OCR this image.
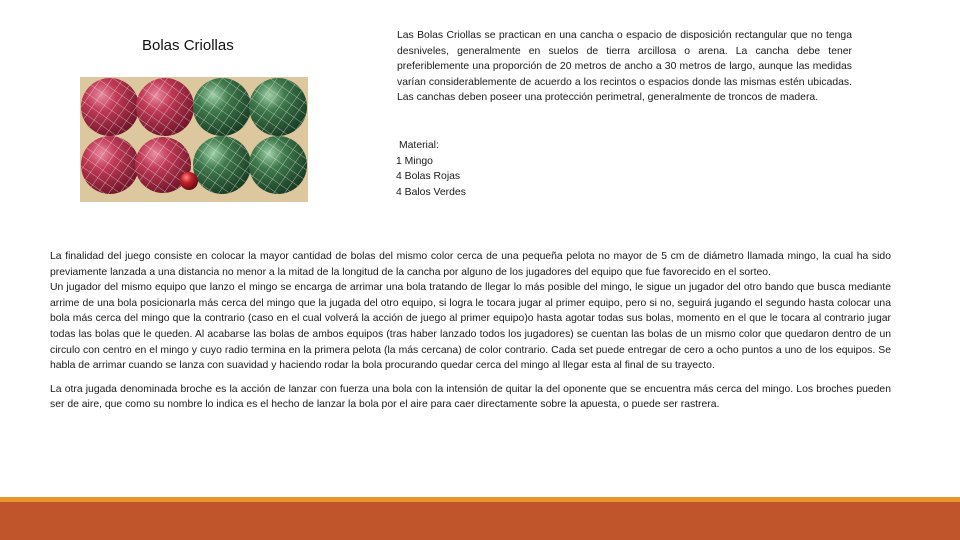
Bolas Criollas
Las Bolas Criollas se practican en una cancha o espacio de disposición rectangular que no tenga desniveles, generalmente en suelos de tierra arcillosa o arena. La cancha debe tener preferiblemente una proporción de 20 metros de ancho a 30 metros de largo, aunque las medidas varían considerablemente de acuerdo a los recintos o espacios donde las mismas estén ubicadas. Las canchas deben poseer una protección perimetral, generalmente de troncos de madera.
Material:
1 Mingo
4 Bolas Rojas
4 Balos Verdes

La finalidad del juego consiste en colocar la mayor cantidad de bolas del mismo color cerca de una pequeña pelota no mayor de 5 cm de diámetro llamada mingo, la cual ha sido previamente lanzada a una distancia no menor a la mitad de la longitud de la cancha por alguno de los jugadores del equipo que fue favorecido en el sorteo.

Un jugador del mismo equipo que lanzo el mingo se encarga de arrimar una bola tratando de llegar lo más posible del mingo, le sigue un jugador del otro bando que busca mediante arrime de una bola posicionarla más cerca del mingo que la jugada del otro equipo, si logra le tocara jugar al primer equipo, pero si no, seguirá jugando el segundo hasta colocar una bola más cerca del mingo que la contrario (caso en el cual volverá la acción de juego al primer equipo)o hasta agotar todas sus bolas, momento en el que le tocara al contrario jugar todas las bolas que le queden. Al acabarse las bolas de ambos equipos (tras haber lanzado todos los jugadores) se cuentan las bolas de un mismo color que quedaron dentro de un circulo con centro en el mingo y cuyo radio termina en la primera pelota (la más cercana) de color contrario. Cada set puede entregar de cero a ocho puntos a uno de los equipos. Se habla de arrimar cuando se lanza con suavidad y haciendo rodar la bola procurando quedar cerca del mingo al llegar esta al final de su trayecto.

La otra jugada denominada broche es la acción de lanzar con fuerza una bola con la intensión de quitar la del oponente que se encuentra más cerca del mingo. Los broches pueden ser de aire, que como su nombre lo indica es el hecho de lanzar la bola por el aire para caer directamente sobre la apuesta, o puede ser rastrera.
